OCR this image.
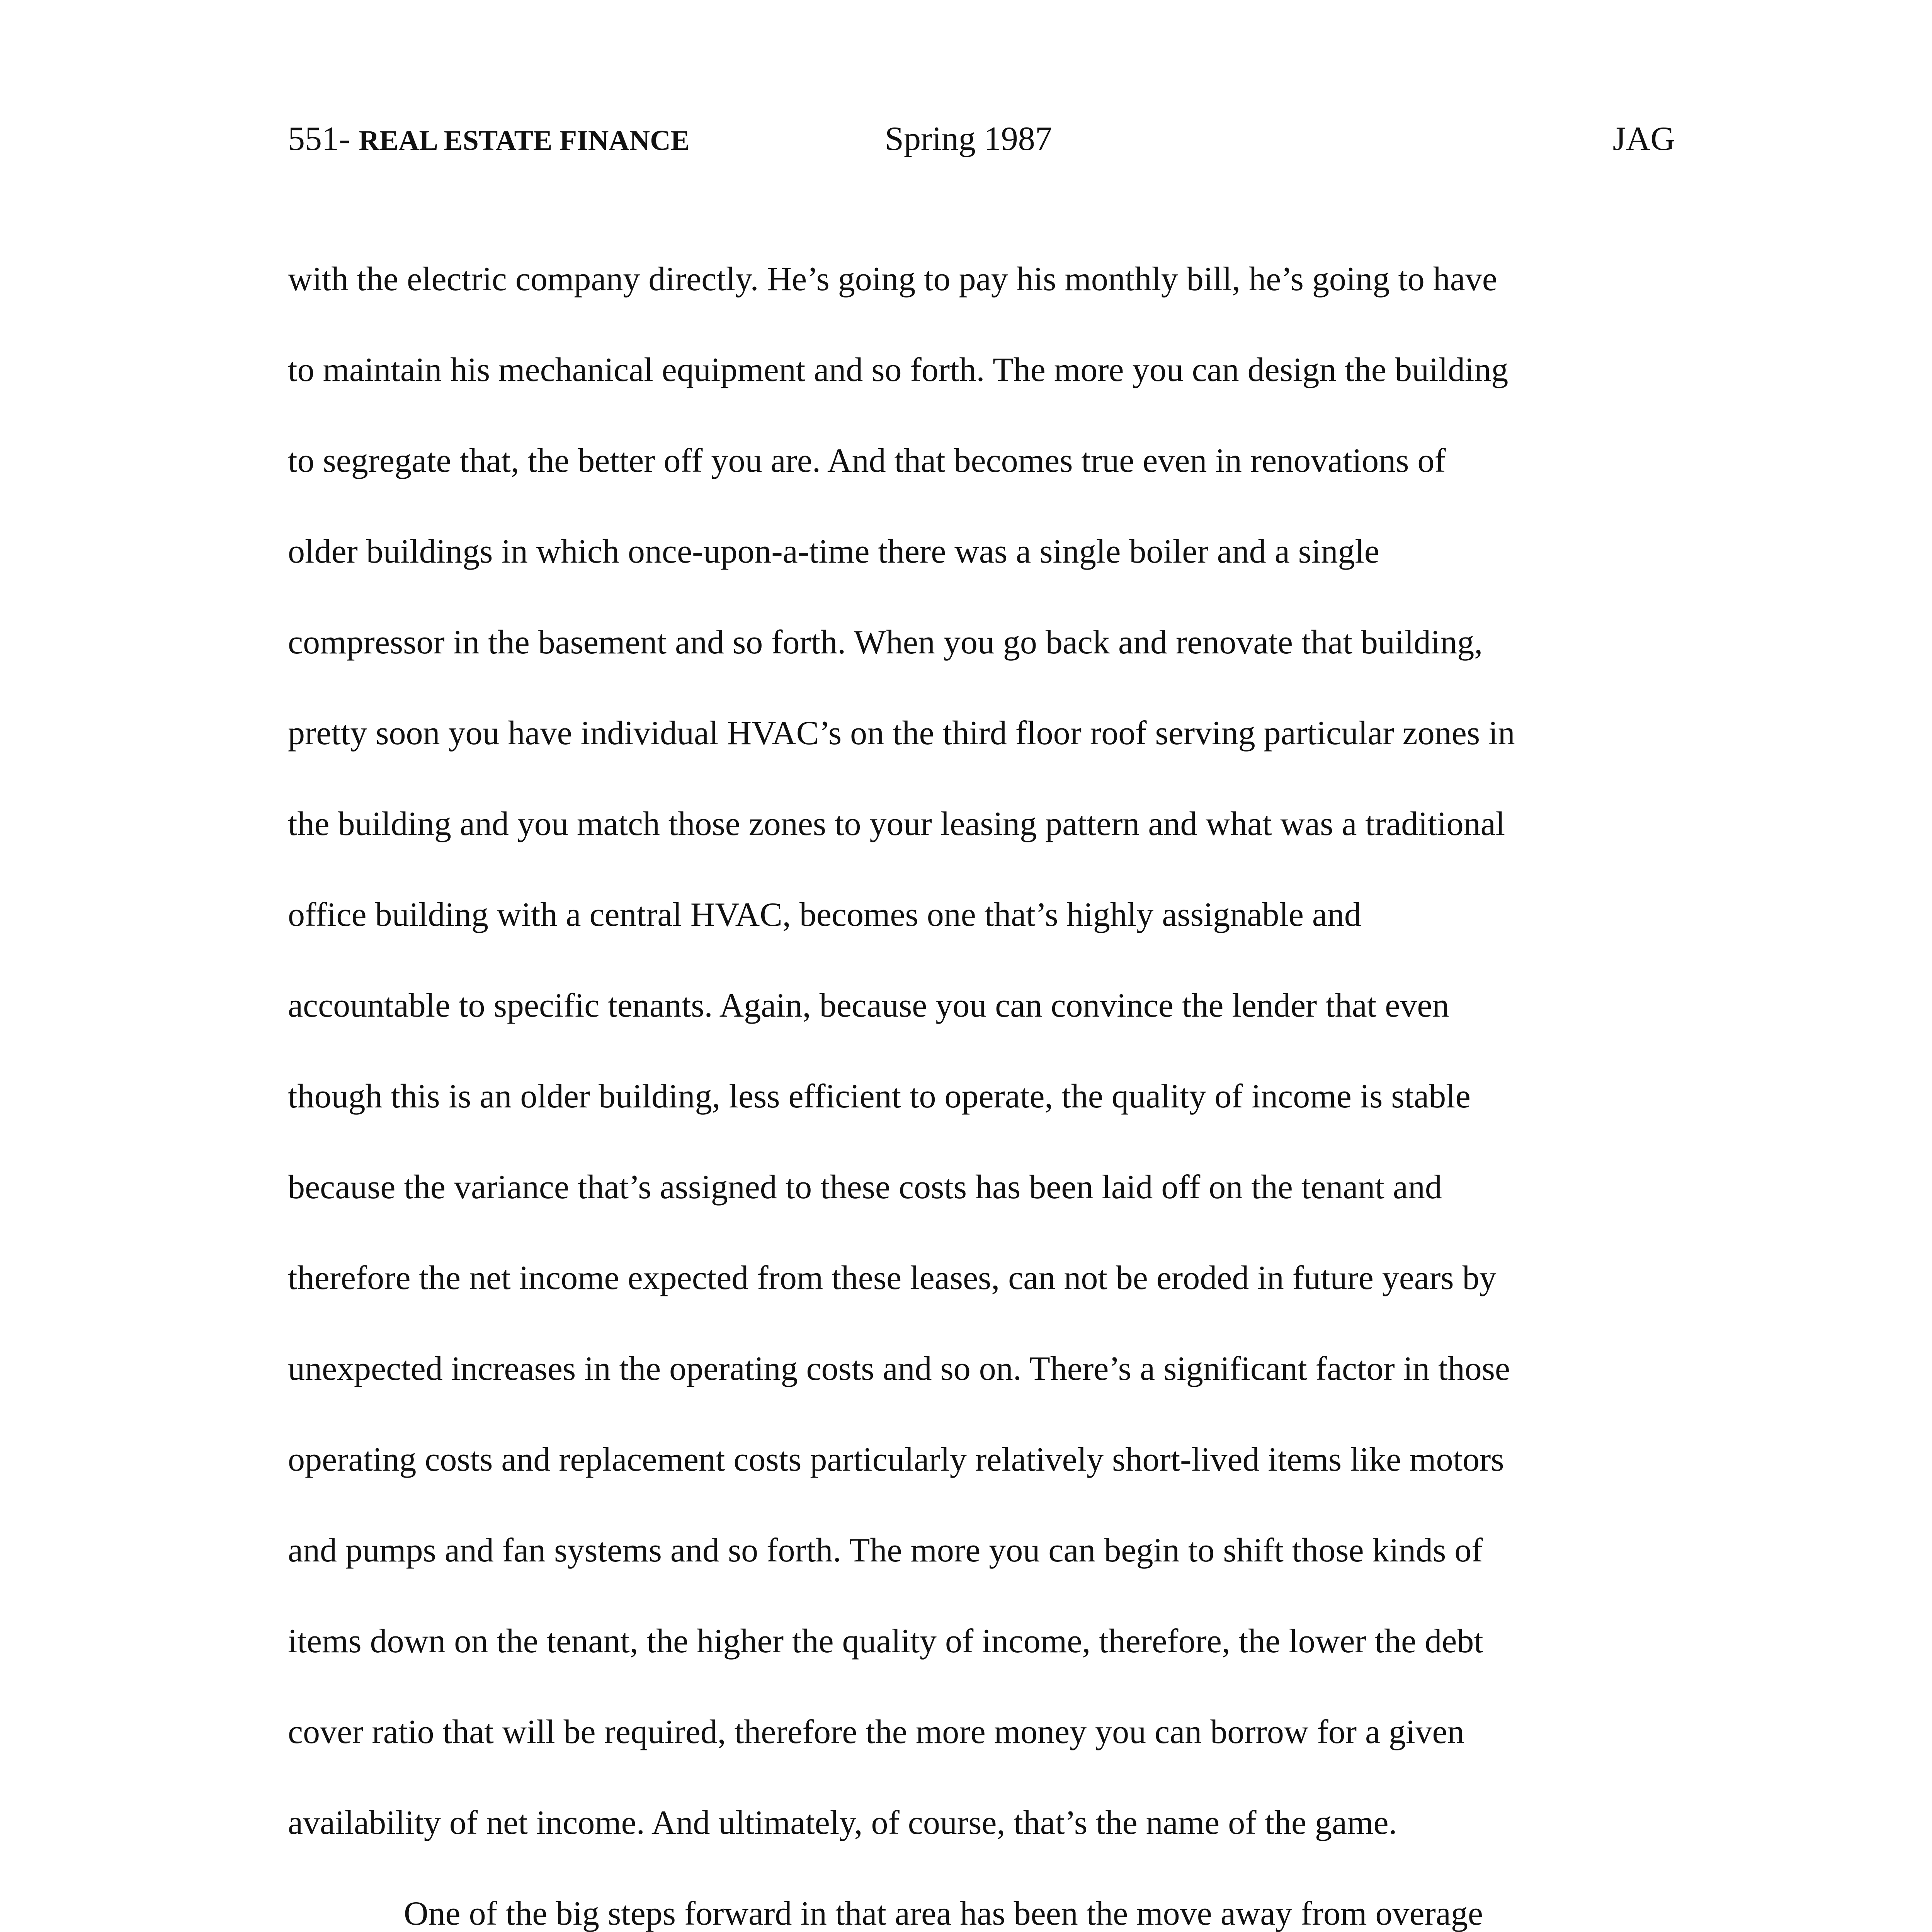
551- REAL ESTATE FINANCE	Spring 1987	JAG
with the electric company directly. He’s going to pay his monthly bill, he’s going to have
to maintain his mechanical equipment and so forth. The more you can design the building
to segregate that, the better off you are. And that becomes true even in renovations of
older buildings in which once-upon-a-time there was a single boiler and a single
compressor in the basement and so forth. When you go back and renovate that building,
pretty soon you have individual HVAC’s on the third floor roof serving particular zones in
the building and you match those zones to your leasing pattern and what was a traditional
office building with a central HVAC, becomes one that’s highly assignable and
accountable to specific tenants. Again, because you can convince the lender that even
though this is an older building, less efficient to operate, the quality of income is stable
because the variance that’s assigned to these costs has been laid off on the tenant and
therefore the net income expected from these leases, can not be eroded in future years by
unexpected increases in the operating costs and so on. There’s a significant factor in those
operating costs and replacement costs particularly relatively short-lived items like motors
and pumps and fan systems and so forth. The more you can begin to shift those kinds of
items down on the tenant, the higher the quality of income, therefore, the lower the debt
cover ratio that will be required, therefore the more money you can borrow for a given
availability of net income. And ultimately, of course, that’s the name of the game.
One of the big steps forward in that area has been the move away from overage
